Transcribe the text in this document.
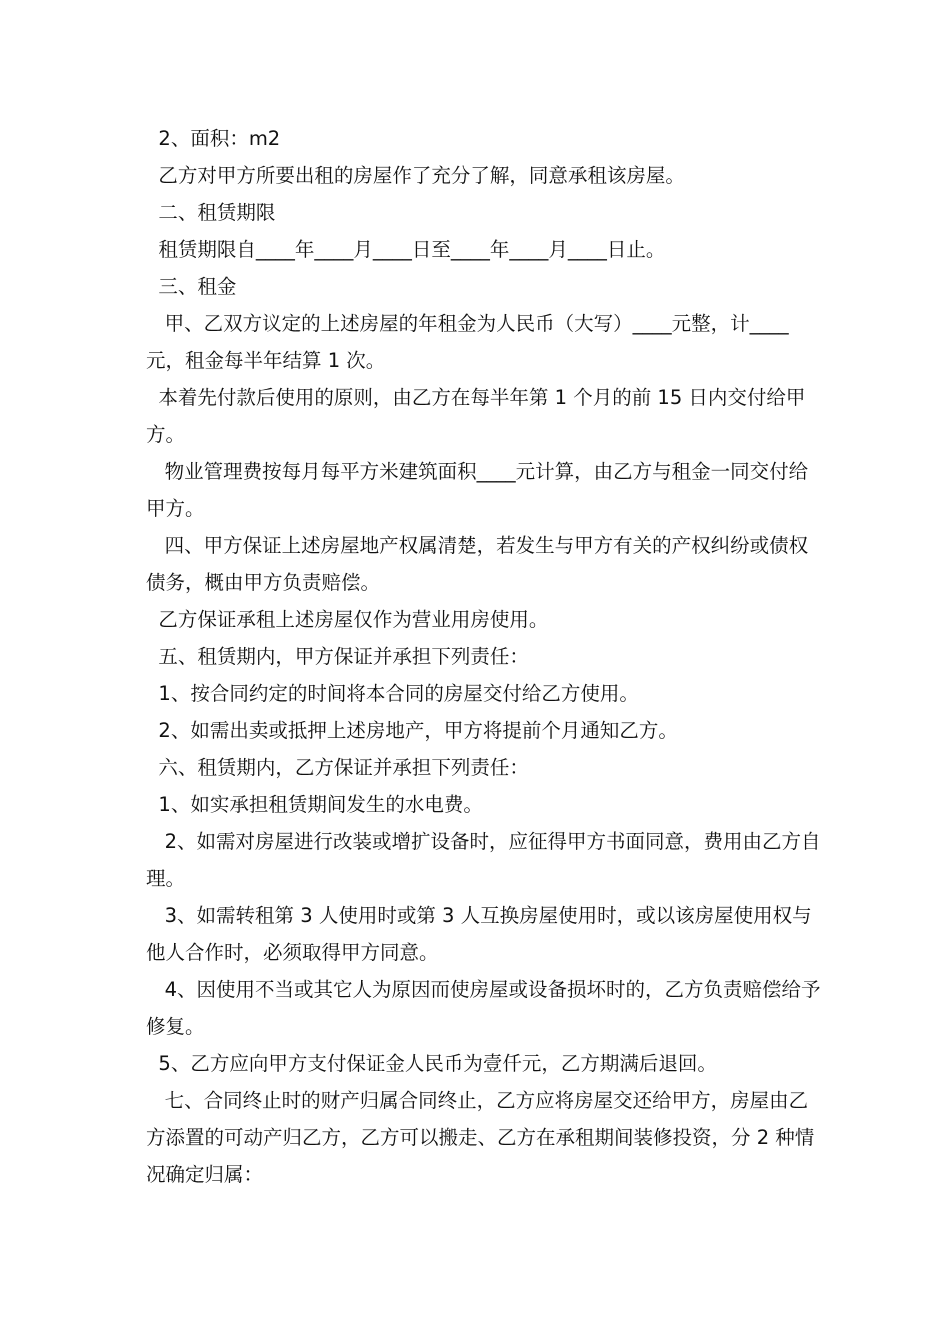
2、面积：m2

乙方对甲方所要出租的房屋作了充分了解，同意承租该房屋。

二、租赁期限

租赁期限自____年____月____日至____年____月____日止。

三、租金

甲、乙双方议定的上述房屋的年租金为人民币（大写）____元整，计____元，租金每半年结算 1 次。

本着先付款后使用的原则，由乙方在每半年第 1 个月的前 15 日内交付给甲方。

物业管理费按每月每平方米建筑面积____元计算，由乙方与租金一同交付给甲方。

四、甲方保证上述房屋地产权属清楚，若发生与甲方有关的产权纠纷或债权债务，概由甲方负责赔偿。

乙方保证承租上述房屋仅作为营业用房使用。

五、租赁期内，甲方保证并承担下列责任：

1、按合同约定的时间将本合同的房屋交付给乙方使用。

2、如需出卖或抵押上述房地产，甲方将提前个月通知乙方。

六、租赁期内，乙方保证并承担下列责任：

1、如实承担租赁期间发生的水电费。

2、如需对房屋进行改装或增扩设备时，应征得甲方书面同意，费用由乙方自理。

3、如需转租第 3 人使用时或第 3 人互换房屋使用时，或以该房屋使用权与他人合作时，必须取得甲方同意。

4、因使用不当或其它人为原因而使房屋或设备损坏时的，乙方负责赔偿给予修复。

5、乙方应向甲方支付保证金人民币为壹仟元，乙方期满后退回。

七、合同终止时的财产归属合同终止，乙方应将房屋交还给甲方，房屋由乙方添置的可动产归乙方，乙方可以搬走、乙方在承租期间装修投资，分 2 种情况确定归属：
